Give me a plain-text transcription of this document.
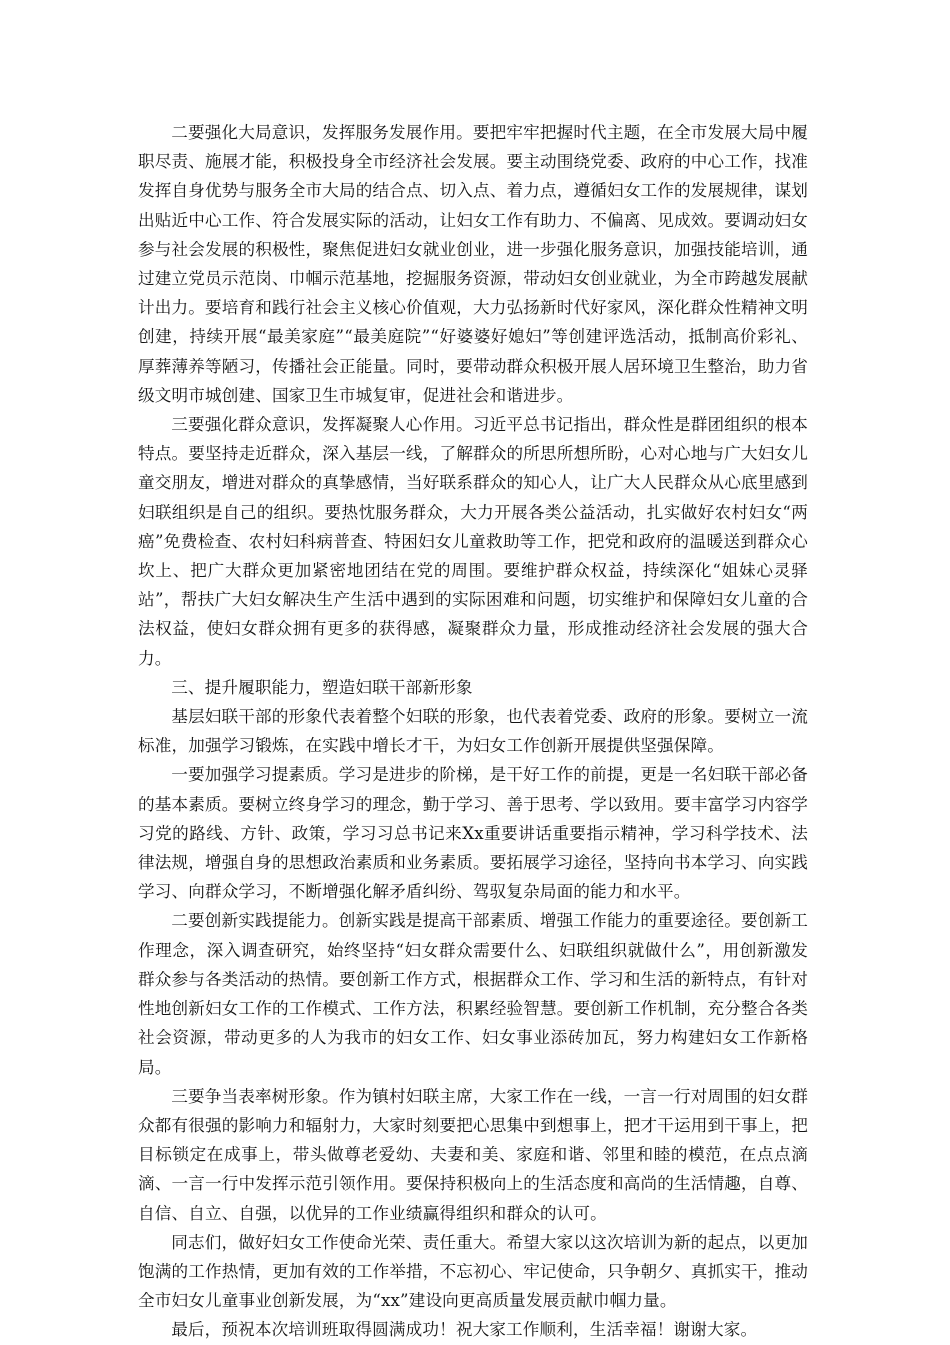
二要强化大局意识，发挥服务发展作用。要把牢牢把握时代主题，在全市发展大局中履职尽责、施展才能，积极投身全市经济社会发展。要主动围绕党委、政府的中心工作，找准发挥自身优势与服务全市大局的结合点、切入点、着力点，遵循妇女工作的发展规律，谋划出贴近中心工作、符合发展实际的活动，让妇女工作有助力、不偏离、见成效。要调动妇女参与社会发展的积极性，聚焦促进妇女就业创业，进一步强化服务意识，加强技能培训，通过建立党员示范岗、巾帼示范基地，挖掘服务资源，带动妇女创业就业，为全市跨越发展献计出力。要培育和践行社会主义核心价值观，大力弘扬新时代好家风，深化群众性精神文明创建，持续开展“最美家庭”“最美庭院”“好婆婆好媳妇”等创建评选活动，抵制高价彩礼、厚葬薄养等陋习，传播社会正能量。同时，要带动群众积极开展人居环境卫生整治，助力省级文明市城创建、国家卫生市城复审，促进社会和谐进步。

三要强化群众意识，发挥凝聚人心作用。习近平总书记指出，群众性是群团组织的根本特点。要坚持走近群众，深入基层一线，了解群众的所思所想所盼，心对心地与广大妇女儿童交朋友，增进对群众的真挚感情，当好联系群众的知心人，让广大人民群众从心底里感到妇联组织是自己的组织。要热忱服务群众，大力开展各类公益活动，扎实做好农村妇女“两癌”免费检查、农村妇科病普查、特困妇女儿童救助等工作，把党和政府的温暖送到群众心坎上、把广大群众更加紧密地团结在党的周围。要维护群众权益，持续深化“姐妹心灵驿站”，帮扶广大妇女解决生产生活中遇到的实际困难和问题，切实维护和保障妇女儿童的合法权益，使妇女群众拥有更多的获得感，凝聚群众力量，形成推动经济社会发展的强大合力。

三、提升履职能力，塑造妇联干部新形象

基层妇联干部的形象代表着整个妇联的形象，也代表着党委、政府的形象。要树立一流标准，加强学习锻炼，在实践中增长才干，为妇女工作创新开展提供坚强保障。

一要加强学习提素质。学习是进步的阶梯，是干好工作的前提，更是一名妇联干部必备的基本素质。要树立终身学习的理念，勤于学习、善于思考、学以致用。要丰富学习内容学习党的路线、方针、政策，学习习总书记来Xx重要讲话重要指示精神，学习科学技术、法律法规，增强自身的思想政治素质和业务素质。要拓展学习途径，坚持向书本学习、向实践学习、向群众学习，不断增强化解矛盾纠纷、驾驭复杂局面的能力和水平。

二要创新实践提能力。创新实践是提高干部素质、增强工作能力的重要途径。要创新工作理念，深入调查研究，始终坚持“妇女群众需要什么、妇联组织就做什么”，用创新激发群众参与各类活动的热情。要创新工作方式，根据群众工作、学习和生活的新特点，有针对性地创新妇女工作的工作模式、工作方法，积累经验智慧。要创新工作机制，充分整合各类社会资源，带动更多的人为我市的妇女工作、妇女事业添砖加瓦，努力构建妇女工作新格局。

三要争当表率树形象。作为镇村妇联主席，大家工作在一线，一言一行对周围的妇女群众都有很强的影响力和辐射力，大家时刻要把心思集中到想事上，把才干运用到干事上，把目标锁定在成事上，带头做尊老爱幼、夫妻和美、家庭和谐、邻里和睦的模范，在点点滴滴、一言一行中发挥示范引领作用。要保持积极向上的生活态度和高尚的生活情趣，自尊、自信、自立、自强，以优异的工作业绩赢得组织和群众的认可。

同志们，做好妇女工作使命光荣、责任重大。希望大家以这次培训为新的起点，以更加饱满的工作热情，更加有效的工作举措，不忘初心、牢记使命，只争朝夕、真抓实干，推动全市妇女儿童事业创新发展，为“xx”建设向更高质量发展贡献巾帼力量。

最后，预祝本次培训班取得圆满成功！祝大家工作顺利，生活幸福！谢谢大家。
